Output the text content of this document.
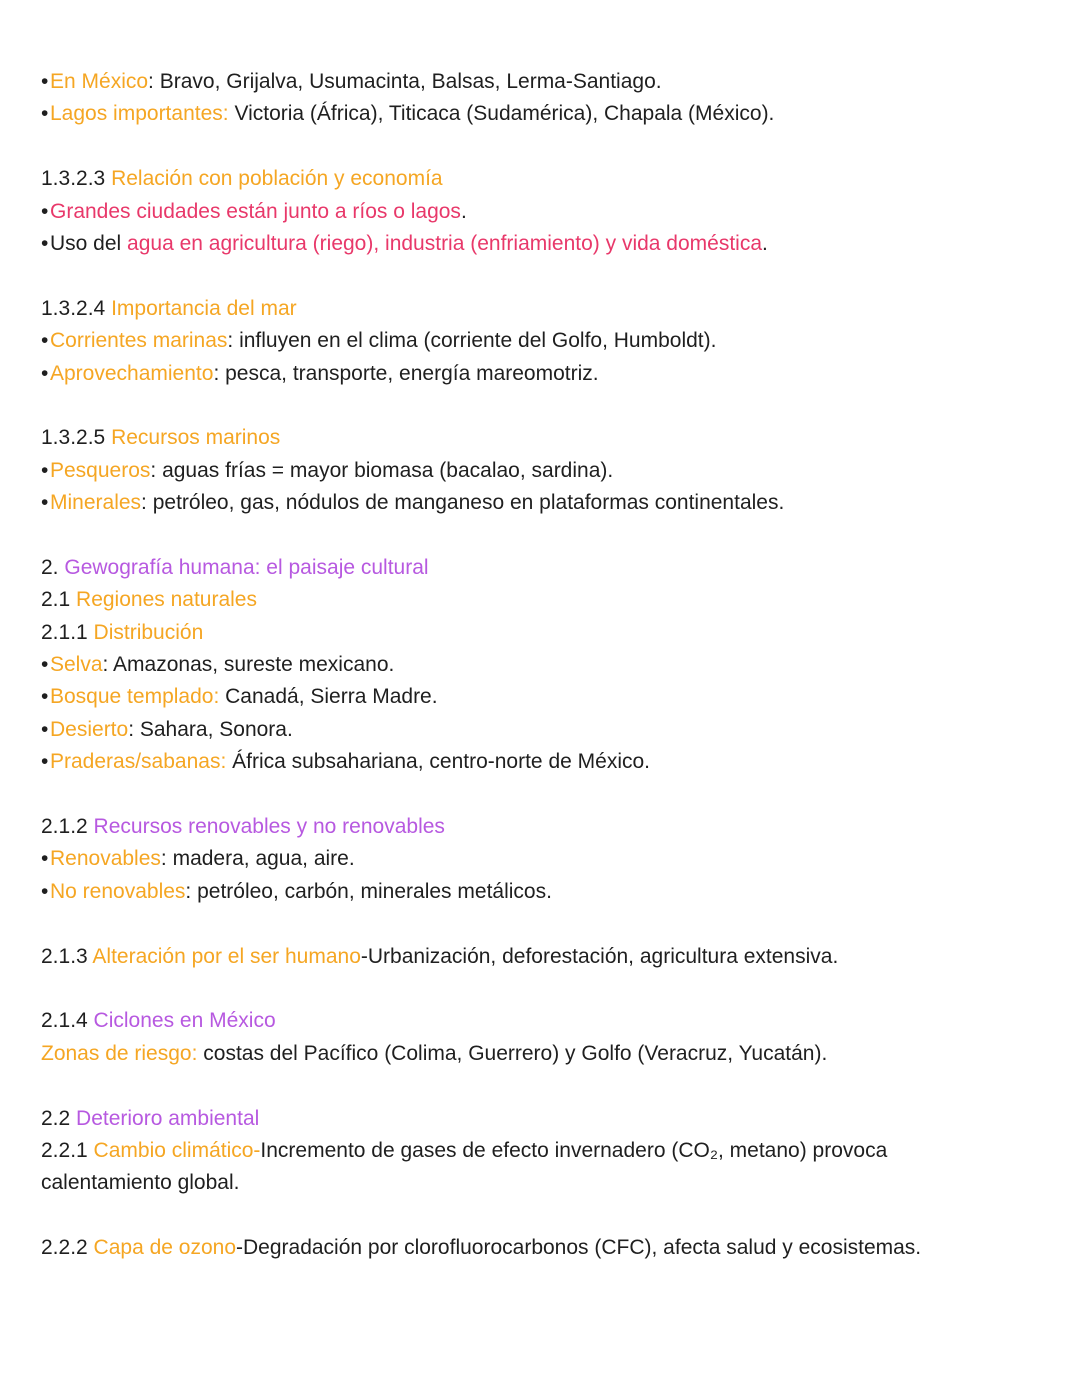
•En México: Bravo, Grijalva, Usumacinta, Balsas, Lerma-Santiago.
•Lagos importantes: Victoria (África), Titicaca (Sudamérica), Chapala (México).
1.3.2.3 Relación con población y economía
•Grandes ciudades están junto a ríos o lagos.
•Uso del agua en agricultura (riego), industria (enfriamiento) y vida doméstica.
1.3.2.4 Importancia del mar
•Corrientes marinas: influyen en el clima (corriente del Golfo, Humboldt).
•Aprovechamiento: pesca, transporte, energía mareomotriz.
1.3.2.5 Recursos marinos
•Pesqueros: aguas frías = mayor biomasa (bacalao, sardina).
•Minerales: petróleo, gas, nódulos de manganeso en plataformas continentales.
2. Gewografía humana: el paisaje cultural
2.1 Regiones naturales
2.1.1 Distribución
•Selva: Amazonas, sureste mexicano.
•Bosque templado: Canadá, Sierra Madre.
•Desierto: Sahara, Sonora.
•Praderas/sabanas: África subsahariana, centro-norte de México.
2.1.2 Recursos renovables y no renovables
•Renovables: madera, agua, aire.
•No renovables: petróleo, carbón, minerales metálicos.
2.1.3 Alteración por el ser humano-Urbanización, deforestación, agricultura extensiva.
2.1.4 Ciclones en México
Zonas de riesgo: costas del Pacífico (Colima, Guerrero) y Golfo (Veracruz, Yucatán).
2.2 Deterioro ambiental
2.2.1 Cambio climático-Incremento de gases de efecto invernadero (CO₂, metano) provoca calentamiento global.
2.2.2 Capa de ozono-Degradación por clorofluorocarbonos (CFC), afecta salud y ecosistemas.
